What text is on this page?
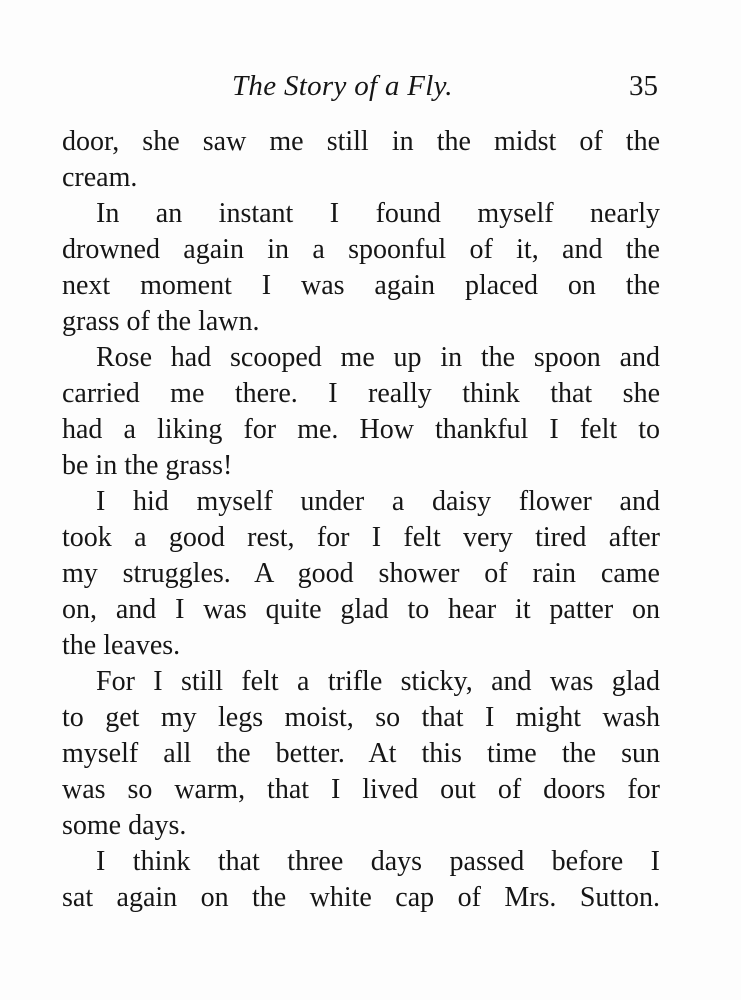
The Story of a Fly.	35
door, she saw me still in the midst of the
cream.
In an instant I found myself nearly
drowned again in a spoonful of it, and the
next moment I was again placed on the
grass of the lawn.
Rose had scooped me up in the spoon and
carried me there. I really think that she
had a liking for me. How thankful I felt to
be in the grass!
I hid myself under a daisy flower and
took a good rest, for I felt very tired after
my struggles. A good shower of rain came
on, and I was quite glad to hear it patter on
the leaves.
For I still felt a trifle sticky, and was glad
to get my legs moist, so that I might wash
myself all the better. At this time the sun
was so warm, that I lived out of doors for
some days.
I think that three days passed before I
sat again on the white cap of Mrs. Sutton.
